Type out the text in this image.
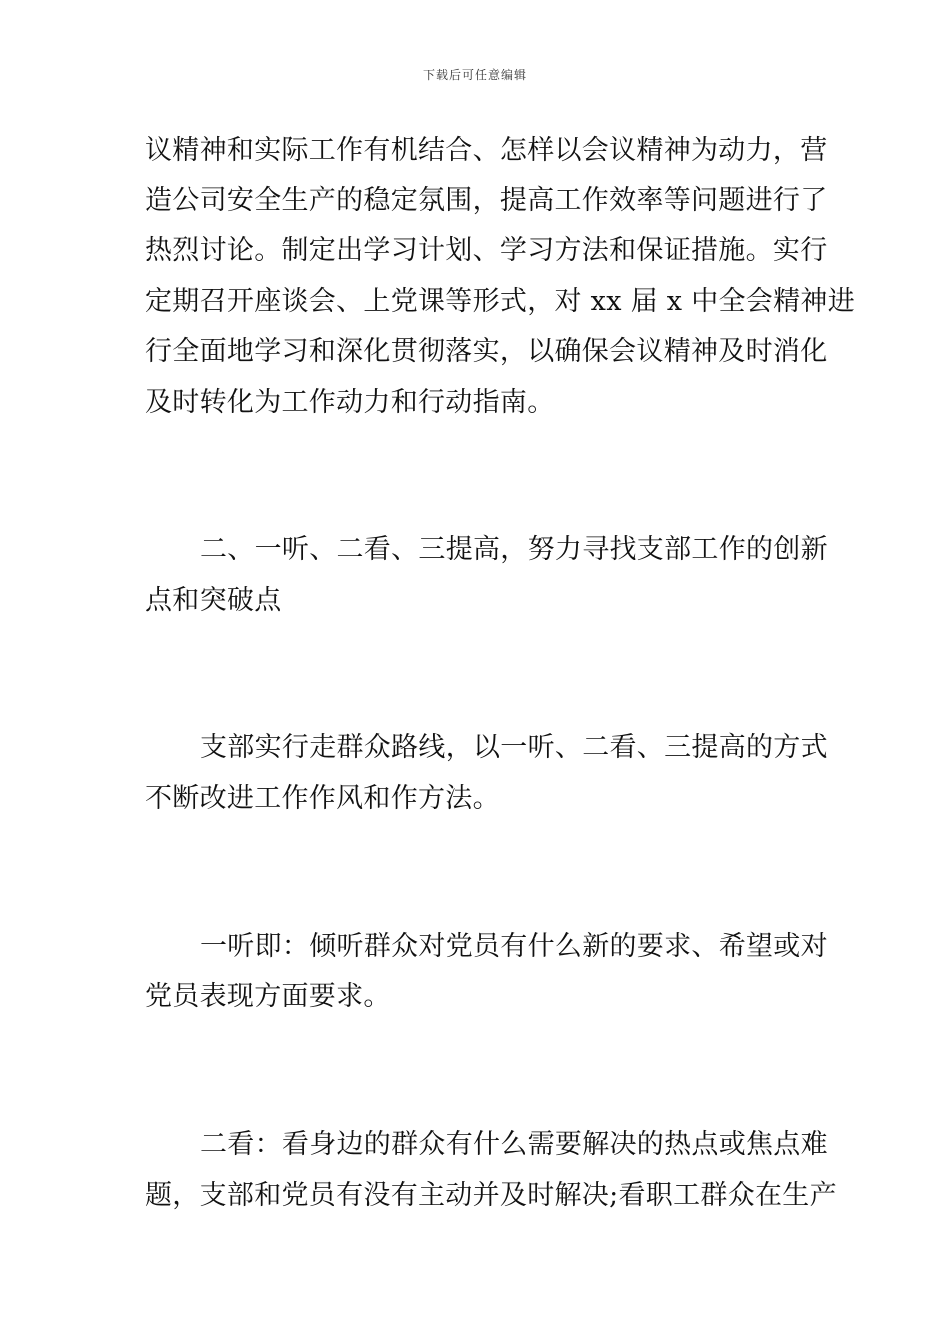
下载后可任意编辑
议精神和实际工作有机结合、怎样以会议精神为动力，营
造公司安全生产的稳定氛围，提高工作效率等问题进行了
热烈讨论。制定出学习计划、学习方法和保证措施。实行
定期召开座谈会、上党课等形式，对 xx 届 x 中全会精神进
行全面地学习和深化贯彻落实，以确保会议精神及时消化
及时转化为工作动力和行动指南。
二、一听、二看、三提高，努力寻找支部工作的创新
点和突破点
支部实行走群众路线，以一听、二看、三提高的方式
不断改进工作作风和作方法。
一听即：倾听群众对党员有什么新的要求、希望或对
党员表现方面要求。
二看：看身边的群众有什么需要解决的热点或焦点难
题，支部和党员有没有主动并及时解决;看职工群众在生产
